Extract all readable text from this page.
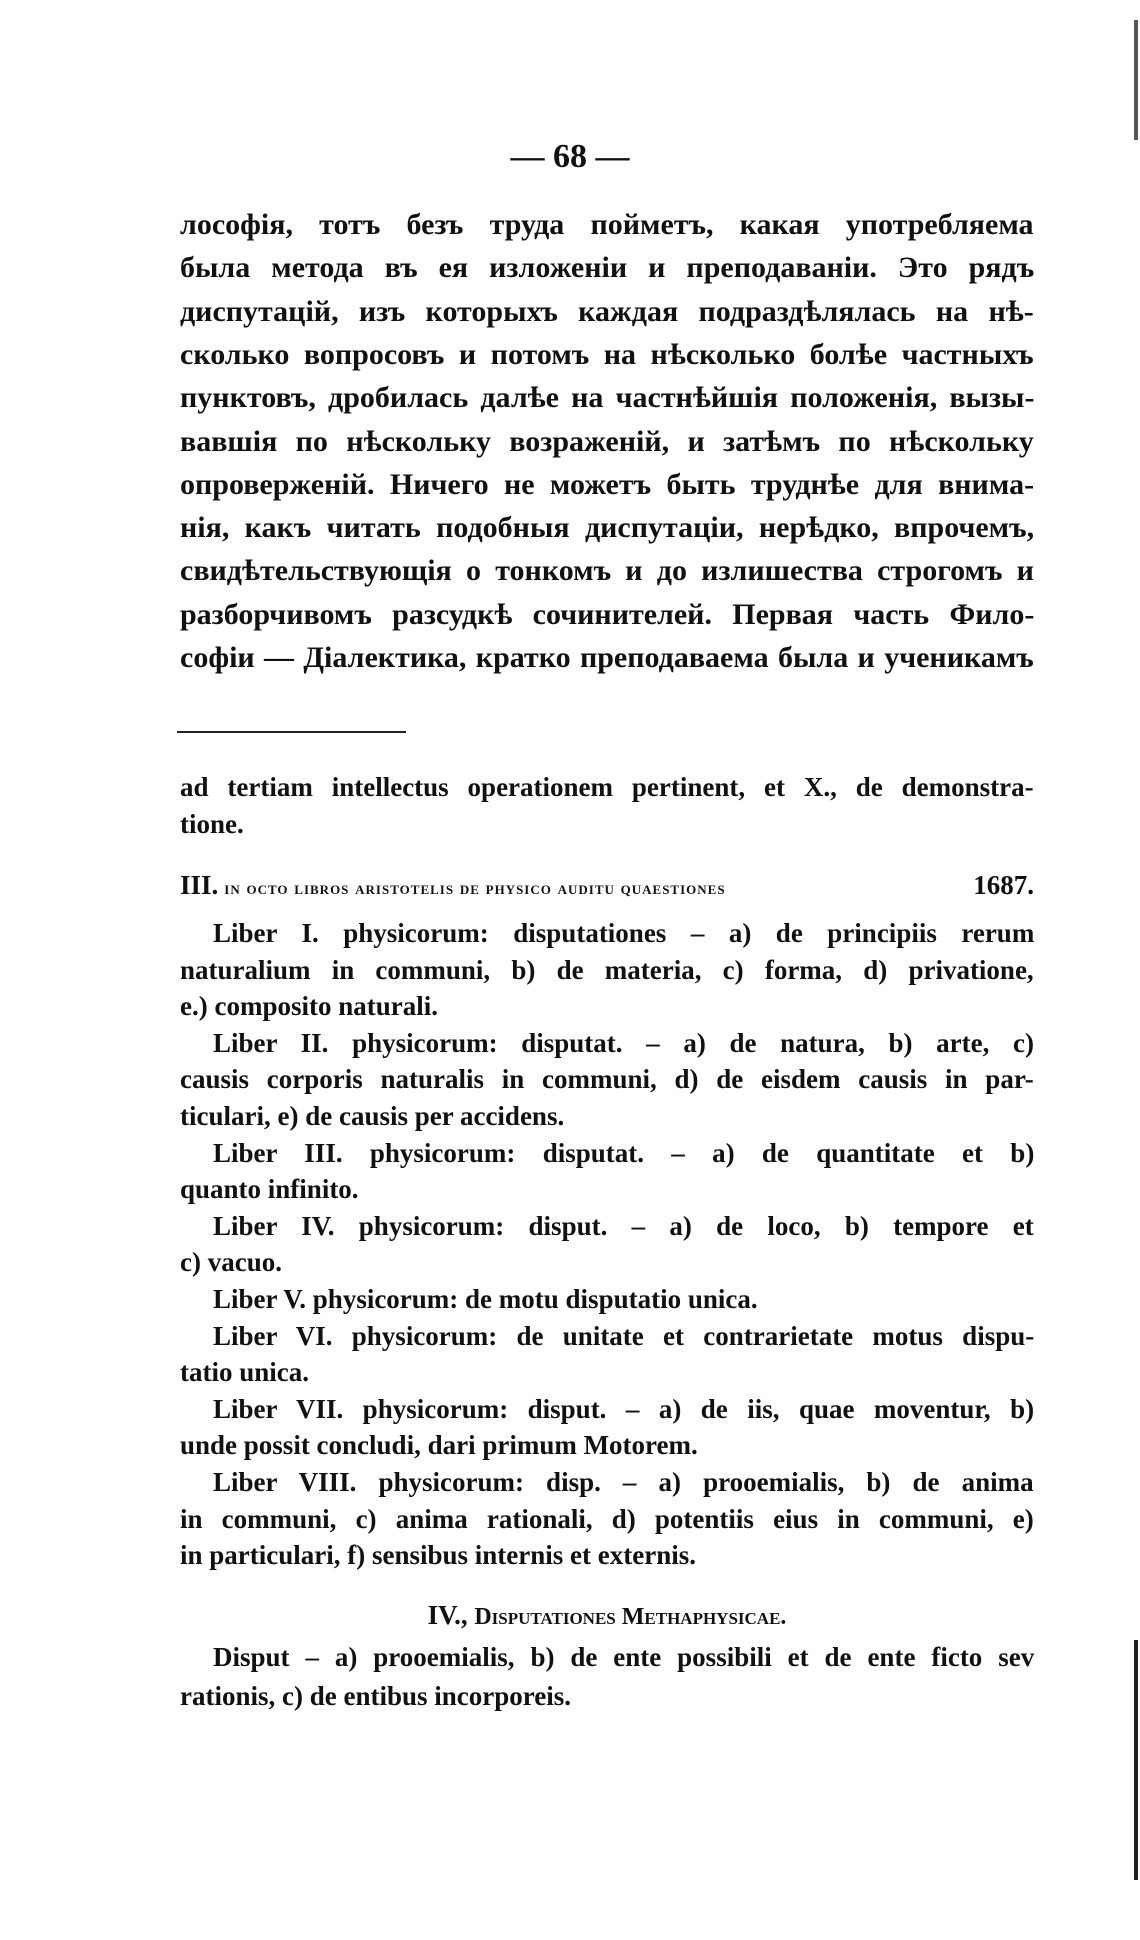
— 68 —
лософія, тотъ безъ труда пойметъ, какая употребляема
была метода въ ея изложеніи и преподаваніи. Это рядъ
диспутацій, изъ которыхъ каждая подраздѣлялась на нѣ-
сколько вопросовъ и потомъ на нѣсколько болѣе частныхъ
пунктовъ, дробилась далѣе на частнѣйшія положенія, вызы-
вавшія по нѣскольку возраженій, и затѣмъ по нѣскольку
опроверженій. Ничего не можетъ быть труднѣе для внима-
нія, какъ читать подобныя диспутаціи, нерѣдко, впрочемъ,
свидѣтельствующія о тонкомъ и до излишества строгомъ и
разборчивомъ разсудкѣ сочинителей. Первая часть Фило-
софіи — Діалектика, кратко преподаваема была и ученикамъ
ad tertiam intellectus operationem pertinent, et X., de demonstra-
tione.
III. in octo libros aristotelis de physico auditu quaestiones	1687.
Liber I. physicorum: disputationes – a) de principiis rerum
naturalium in communi, b) de materia, c) forma, d) privatione,
e.) composito naturali.
Liber II. physicorum: disputat. – a) de natura, b) arte, c)
causis corporis naturalis in communi, d) de eisdem causis in par-
ticulari, e) de causis per accidens.
Liber III. physicorum: disputat. – a) de quantitate et b)
quanto infinito.
Liber IV. physicorum: disput. – a) de loco, b) tempore et
c) vacuo.
Liber V. physicorum: de motu disputatio unica.
Liber VI. physicorum: de unitate et contrarietate motus dispu-
tatio unica.
Liber VII. physicorum: disput. – a) de iis, quae moventur, b)
unde possit concludi, dari primum Motorem.
Liber VIII. physicorum: disp. – a) prooemialis, b) de anima
in communi, c) anima rationali, d) potentiis eius in communi, e)
in particulari, f) sensibus internis et externis.
IV., Disputationes Methaphysicae.
Disput – a) prooemialis, b) de ente possibili et de ente ficto sev
rationis, c) de entibus incorporeis.
